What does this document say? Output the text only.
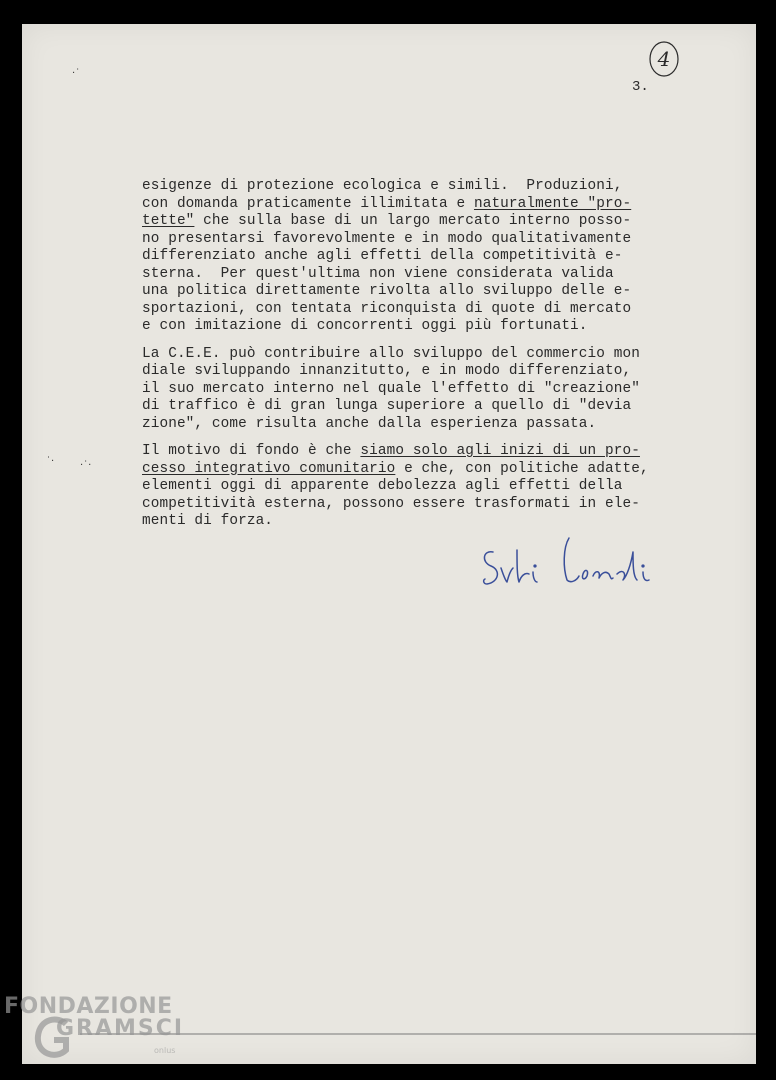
4
3.
·˙
˙·	·˙·
esigenze di protezione ecologica e simili.  Produzioni,
con domanda praticamente illimitata e naturalmente "pro-
tette" che sulla base di un largo mercato interno posso-
no presentarsi favorevolmente e in modo qualitativamente
differenziato anche agli effetti della competitività e-
sterna.  Per quest'ultima non viene considerata valida
una politica direttamente rivolta allo sviluppo delle e-
sportazioni, con tentata riconquista di quote di mercato
e con imitazione di concorrenti oggi più fortunati.
La C.E.E. può contribuire allo sviluppo del commercio mon
diale sviluppando innanzitutto, e in modo differenziato,
il suo mercato interno nel quale l'effetto di "creazione"
di traffico è di gran lunga superiore a quello di "devia
zione", come risulta anche dalla esperienza passata.
Il motivo di fondo è che siamo solo agli inizi di un pro-
cesso integrativo comunitario e che, con politiche adatte,
elementi oggi di apparente debolezza agli effetti della
competitività esterna, possono essere trasformati in ele-
menti di forza.	Silvio Leonardi
FONDAZIONE
GRAMSCI
onlus
